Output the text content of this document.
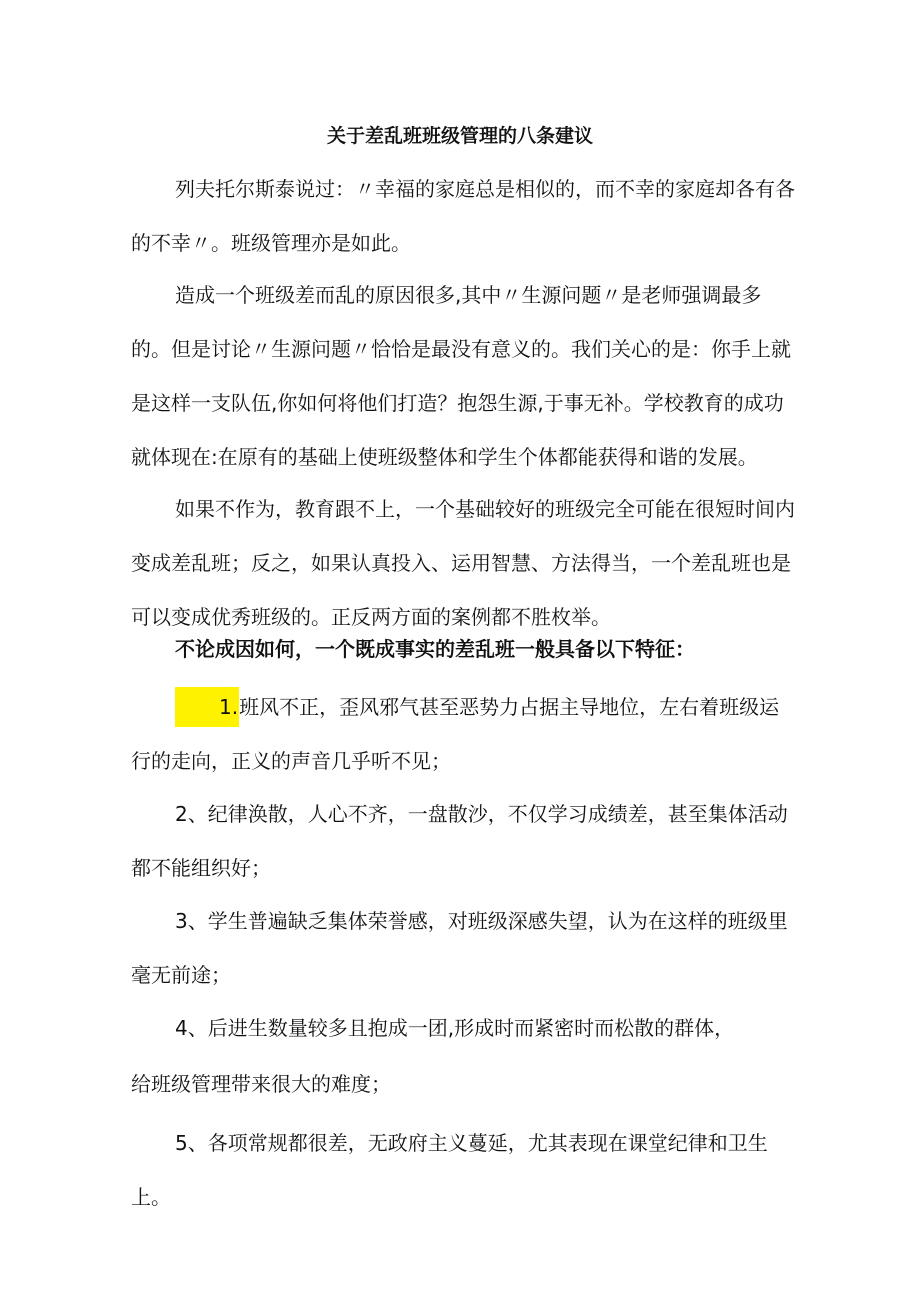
关于差乱班班级管理的八条建议

列夫托尔斯泰说过：〃幸福的家庭总是相似的，而不幸的家庭却各有各的不幸〃。班级管理亦是如此。

造成一个班级差而乱的原因很多,其中〃生源问题〃是老师强调最多的。但是讨论〃生源问题〃恰恰是最没有意义的。我们关心的是：你手上就是这样一支队伍,你如何将他们打造？抱怨生源,于事无补。学校教育的成功就体现在:在原有的基础上使班级整体和学生个体都能获得和谐的发展。

如果不作为，教育跟不上，一个基础较好的班级完全可能在很短时间内变成差乱班；反之，如果认真投入、运用智慧、方法得当，一个差乱班也是可以变成优秀班级的。正反两方面的案例都不胜枚举。

不论成因如何，一个既成事实的差乱班一般具备以下特征：

1.班风不正，歪风邪气甚至恶势力占据主导地位，左右着班级运行的走向，正义的声音几乎听不见；

2、纪律涣散，人心不齐，一盘散沙，不仅学习成绩差，甚至集体活动都不能组织好；

3、学生普遍缺乏集体荣誉感，对班级深感失望，认为在这样的班级里毫无前途；

4、后进生数量较多且抱成一团,形成时而紧密时而松散的群体，

给班级管理带来很大的难度；

5、各项常规都很差，无政府主义蔓延，尤其表现在课堂纪律和卫生上。
